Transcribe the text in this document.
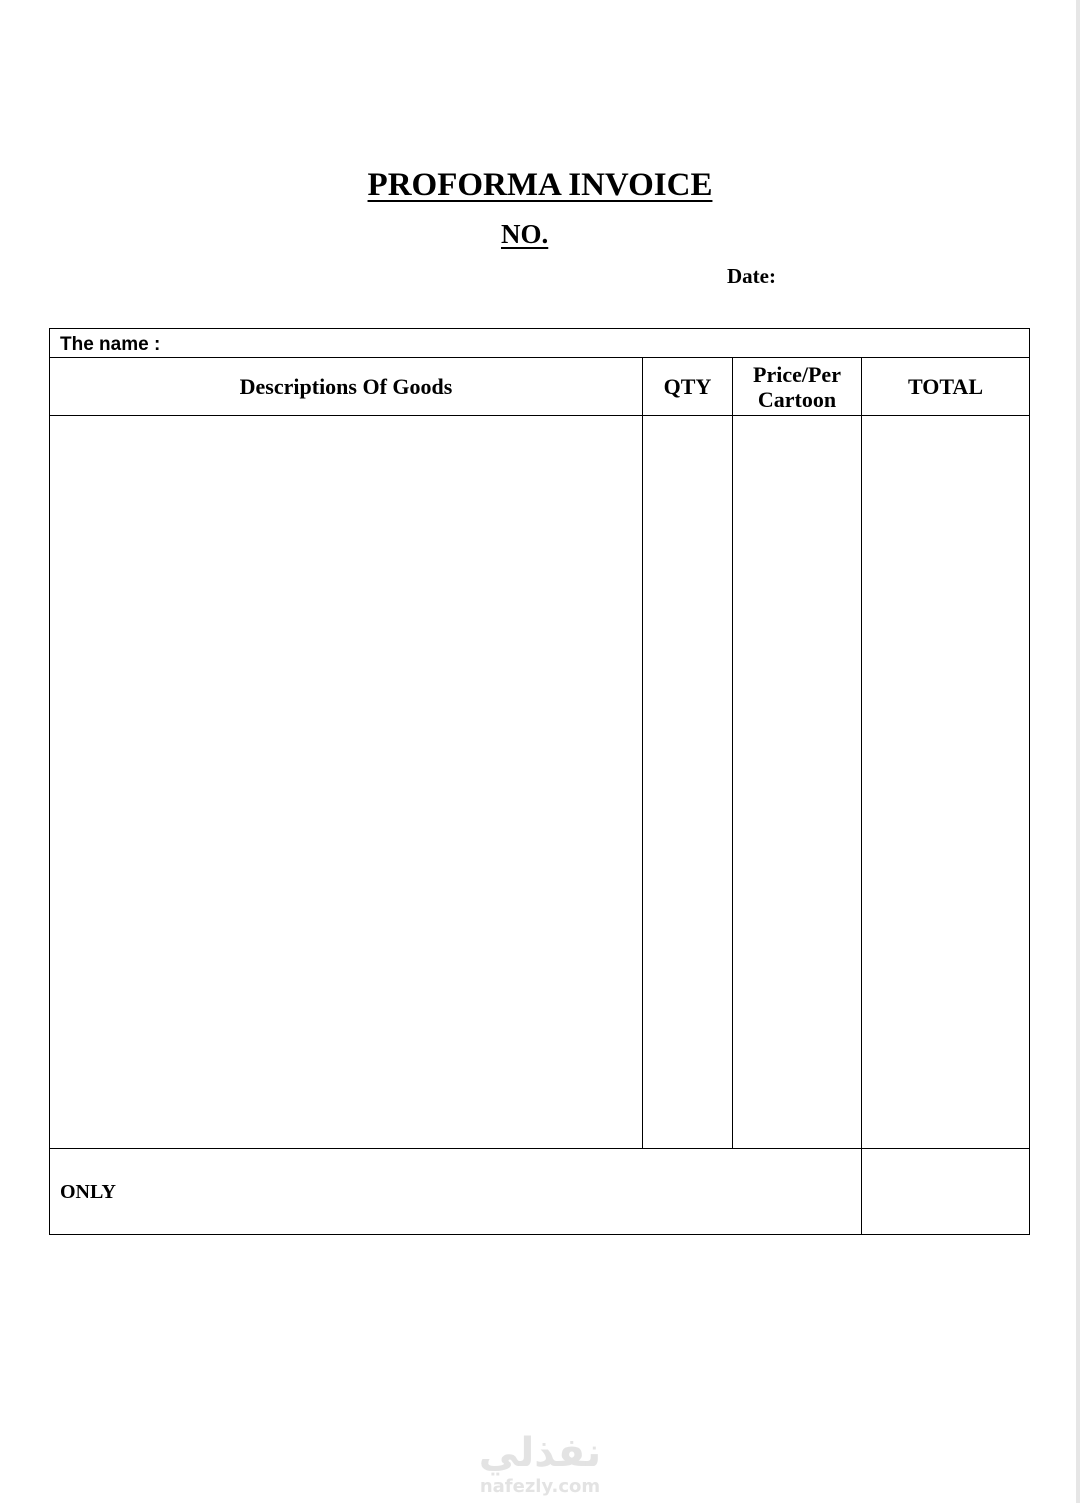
PROFORMA INVOICE
NO.
Date:
The name :
Descriptions Of Goods	QTY Price/Per
Cartoon	TOTAL
ONLY
نفذلي
nafezly.com
